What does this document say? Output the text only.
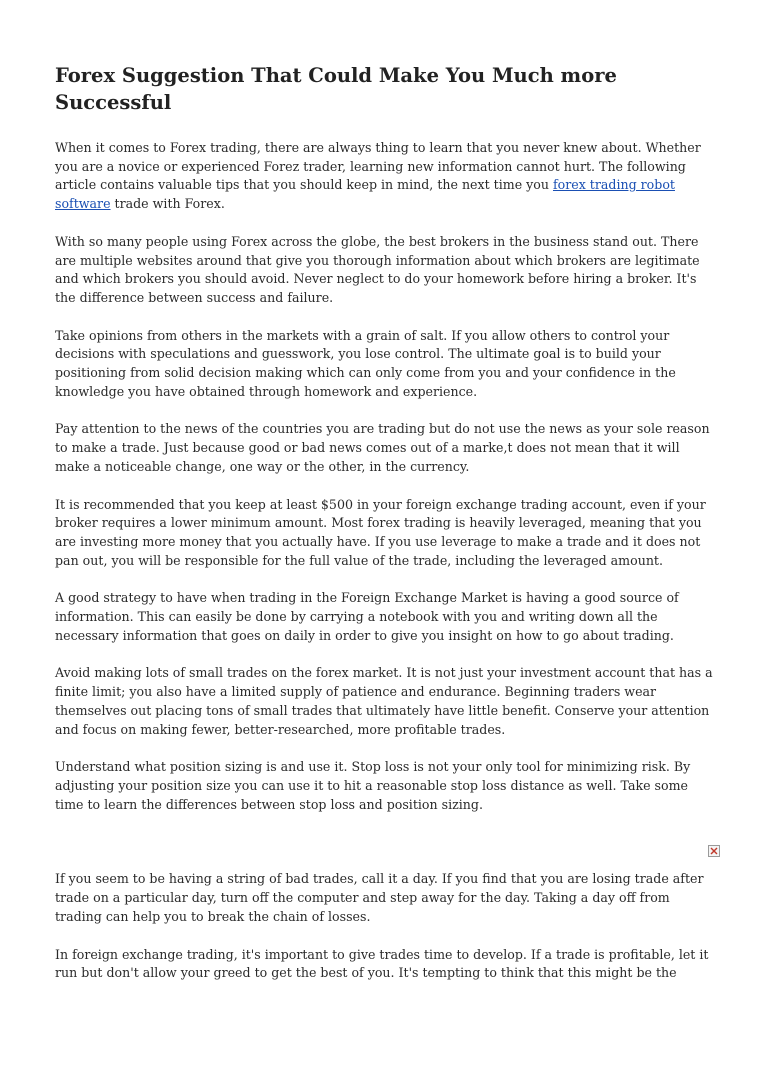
Forex Suggestion That Could Make You Much more Successful

When it comes to Forex trading, there are always thing to learn that you never knew about. Whether you are a novice or experienced Forez trader, learning new information cannot hurt. The following article contains valuable tips that you should keep in mind, the next time you forex trading robot software trade with Forex.

With so many people using Forex across the globe, the best brokers in the business stand out. There are multiple websites around that give you thorough information about which brokers are legitimate and which brokers you should avoid. Never neglect to do your homework before hiring a broker. It's the difference between success and failure.

Take opinions from others in the markets with a grain of salt. If you allow others to control your decisions with speculations and guesswork, you lose control. The ultimate goal is to build your positioning from solid decision making which can only come from you and your confidence in the knowledge you have obtained through homework and experience.

Pay attention to the news of the countries you are trading but do not use the news as your sole reason to make a trade. Just because good or bad news comes out of a marke,t does not mean that it will make a noticeable change, one way or the other, in the currency.

It is recommended that you keep at least $500 in your foreign exchange trading account, even if your broker requires a lower minimum amount. Most forex trading is heavily leveraged, meaning that you are investing more money that you actually have. If you use leverage to make a trade and it does not pan out, you will be responsible for the full value of the trade, including the leveraged amount.

A good strategy to have when trading in the Foreign Exchange Market is having a good source of information. This can easily be done by carrying a notebook with you and writing down all the necessary information that goes on daily in order to give you insight on how to go about trading.

Avoid making lots of small trades on the forex market. It is not just your investment account that has a finite limit; you also have a limited supply of patience and endurance. Beginning traders wear themselves out placing tons of small trades that ultimately have little benefit. Conserve your attention and focus on making fewer, better-researched, more profitable trades.

Understand what position sizing is and use it. Stop loss is not your only tool for minimizing risk. By adjusting your position size you can use it to hit a reasonable stop loss distance as well. Take some time to learn the differences between stop loss and position sizing.

If you seem to be having a string of bad trades, call it a day. If you find that you are losing trade after trade on a particular day, turn off the computer and step away for the day. Taking a day off from trading can help you to break the chain of losses.

In foreign exchange trading, it's important to give trades time to develop. If a trade is profitable, let it run but don't allow your greed to get the best of you. It's tempting to think that this might be the
